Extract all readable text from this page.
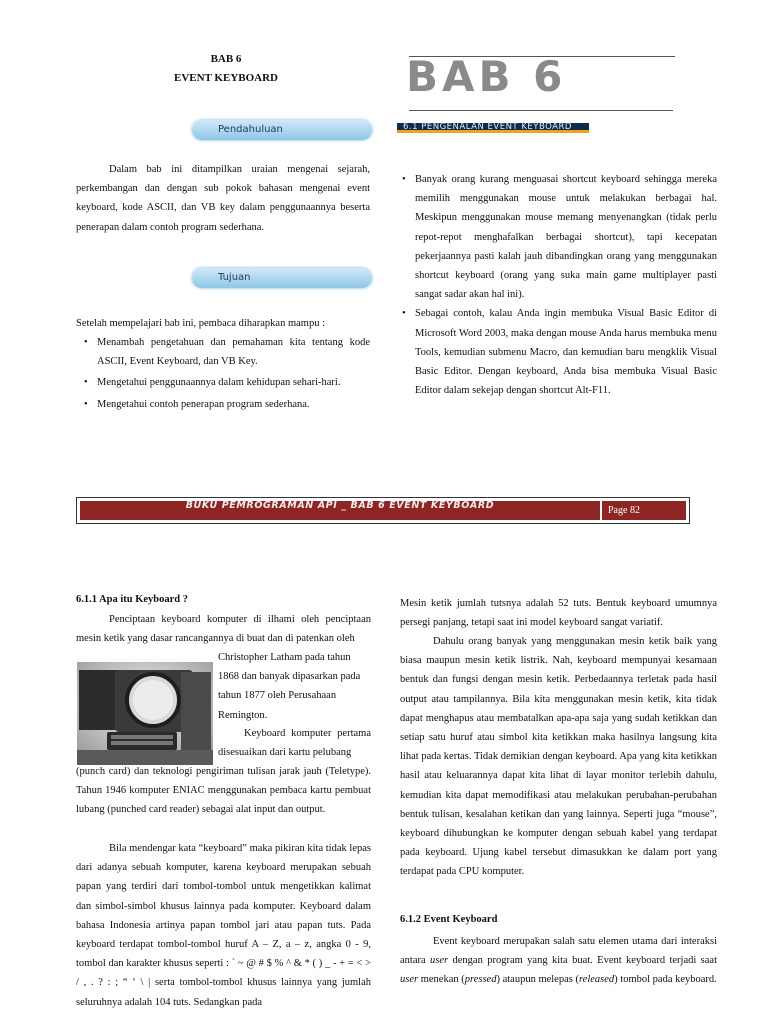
BAB 6
EVENT KEYBOARD	BAB 6
6.1 PENGENALAN EVENT KEYBOARD
Pendahuluan

Dalam bab ini ditampilkan uraian mengenai sejarah, perkembangan dan dengan sub pokok bahasan mengenai event keyboard, kode ASCII, dan VB key dalam penggunaannya beserta penerapan dalam contoh program sederhana.

Tujuan

Setelah mempelajari bab ini, pembaca diharapkan mampu :

• Menambah pengetahuan dan pemahaman kita tentang kode ASCII, Event Keyboard, dan VB Key.
• Mengetahui penggunaannya dalam kehidupan sehari-hari.
• Mengetahui contoh penerapan program sederhana.
• Banyak orang kurang menguasai shortcut keyboard sehingga mereka memilih menggunakan mouse untuk melakukan berbagai hal. Meskipun menggunakan mouse memang menyenangkan (tidak perlu repot-repot menghafalkan berbagai shortcut), tapi kecepatan pekerjaannya pasti kalah jauh dibandingkan orang yang menggunakan shortcut keyboard (orang yang suka main game multiplayer pasti sangat sadar akan hal ini).
• Sebagai contoh, kalau Anda ingin membuka Visual Basic Editor di Microsoft Word 2003, maka dengan mouse Anda harus membuka menu Tools, kemudian submenu Macro, dan kemudian baru mengklik Visual Basic Editor. Dengan keyboard, Anda bisa membuka Visual Basic Editor dalam sekejap dengan shortcut Alt-F11.
BUKU PEMROGRAMAN API _ BAB 6 EVENT KEYBOARD	Page 82
6.1.1 Apa itu Keyboard ?

Penciptaan keyboard komputer di ilhami oleh penciptaan mesin ketik yang dasar rancangannya di buat dan di patenkan oleh

Christopher Latham pada tahun 1868 dan banyak dipasarkan pada tahun 1877 oleh Perusahaan Remington.

Keyboard komputer pertama disesuaikan dari kartu pelubang

(punch card) dan teknologi pengiriman tulisan jarak jauh (Teletype). Tahun 1946 komputer ENIAC menggunakan pembaca kartu pembuat lubang (punched card reader) sebagai alat input dan output.

Bila mendengar kata “keyboard” maka pikiran kita tidak lepas dari adanya sebuah komputer, karena keyboard merupakan sebuah papan yang terdiri dari tombol-tombol untuk mengetikkan kalimat dan simbol-simbol khusus lainnya pada komputer. Keyboard dalam bahasa Indonesia artinya papan tombol jari atau papan tuts. Pada keyboard terdapat tombol-tombol huruf A – Z, a – z, angka 0 - 9, tombol dan karakter khusus seperti : ` ~ @ # $ % ^ & * ( ) _ - + = < > / , . ? : ; “ ‘ \ | serta tombol-tombol khusus lainnya yang jumlah seluruhnya adalah 104 tuts. Sedangkan pada

Mesin ketik jumlah tutsnya adalah 52 tuts. Bentuk keyboard umumnya persegi panjang, tetapi saat ini model keyboard sangat variatif.

Dahulu orang banyak yang menggunakan mesin ketik baik yang biasa maupun mesin ketik listrik. Nah, keyboard mempunyai kesamaan bentuk dan fungsi dengan mesin ketik. Perbedaannya terletak pada hasil output atau tampilannya. Bila kita menggunakan mesin ketik, kita tidak dapat menghapus atau membatalkan apa-apa saja yang sudah ketikkan dan setiap satu huruf atau simbol kita ketikkan maka hasilnya langsung kita lihat pada kertas. Tidak demikian dengan keyboard. Apa yang kita ketikkan hasil atau keluarannya dapat kita lihat di layar monitor terlebih dahulu, kemudian kita dapat memodifikasi atau melakukan perubahan-perubahan bentuk tulisan, kesalahan ketikan dan yang lainnya. Seperti juga “mouse”, keyboard dihubungkan ke komputer dengan sebuah kabel yang terdapat pada keyboard. Ujung kabel tersebut dimasukkan ke dalam port yang terdapat pada CPU komputer.

6.1.2 Event Keyboard

Event keyboard merupakan salah satu elemen utama dari interaksi antara user dengan program yang kita buat. Event keyboard terjadi saat user menekan (pressed) ataupun melepas (released) tombol pada keyboard.
